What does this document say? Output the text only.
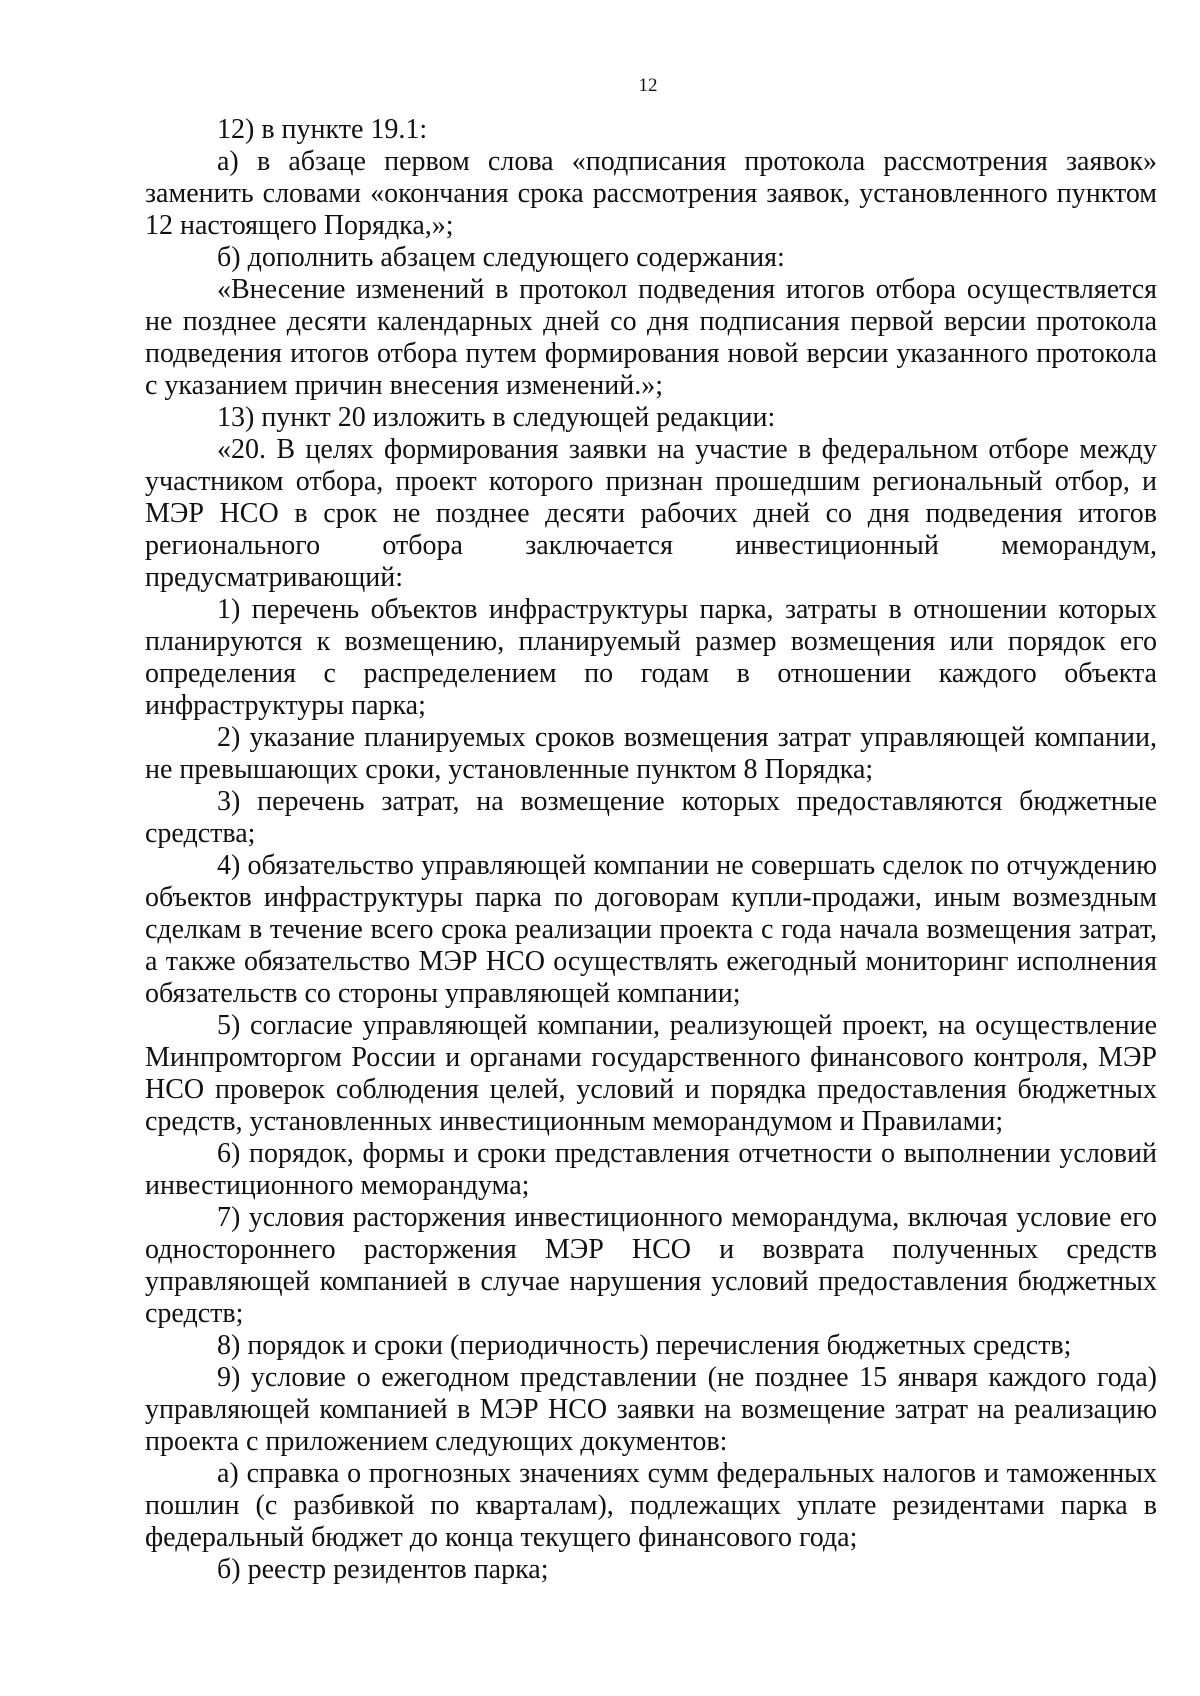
12

12) в пункте 19.1:

а) в абзаце первом слова «подписания протокола рассмотрения заявок» заменить словами «окончания срока рассмотрения заявок, установленного пунктом 12 настоящего Порядка,»;

б) дополнить абзацем следующего содержания:

«Внесение изменений в протокол подведения итогов отбора осуществляется не позднее десяти календарных дней со дня подписания первой версии протокола подведения итогов отбора путем формирования новой версии указанного протокола с указанием причин внесения изменений.»;

13) пункт 20 изложить в следующей редакции:

«20. В целях формирования заявки на участие в федеральном отборе между участником отбора, проект которого признан прошедшим региональный отбор, и МЭР НСО в срок не позднее десяти рабочих дней со дня подведения итогов регионального отбора заключается инвестиционный меморандум, предусматривающий:

1) перечень объектов инфраструктуры парка, затраты в отношении которых планируются к возмещению, планируемый размер возмещения или порядок его определения с распределением по годам в отношении каждого объекта инфраструктуры парка;

2) указание планируемых сроков возмещения затрат управляющей компании, не превышающих сроки, установленные пунктом 8 Порядка;

3) перечень затрат, на возмещение которых предоставляются бюджетные средства;

4) обязательство управляющей компании не совершать сделок по отчуждению объектов инфраструктуры парка по договорам купли-продажи, иным возмездным сделкам в течение всего срока реализации проекта с года начала возмещения затрат, а также обязательство МЭР НСО осуществлять ежегодный мониторинг исполнения обязательств со стороны управляющей компании;

5) согласие управляющей компании, реализующей проект, на осуществление Минпромторгом России и органами государственного финансового контроля, МЭР НСО проверок соблюдения целей, условий и порядка предоставления бюджетных средств, установленных инвестиционным меморандумом и Правилами;

6) порядок, формы и сроки представления отчетности о выполнении условий инвестиционного меморандума;

7) условия расторжения инвестиционного меморандума, включая условие его одностороннего расторжения МЭР НСО и возврата полученных средств управляющей компанией в случае нарушения условий предоставления бюджетных средств;

8) порядок и сроки (периодичность) перечисления бюджетных средств;

9) условие о ежегодном представлении (не позднее 15 января каждого года) управляющей компанией в МЭР НСО заявки на возмещение затрат на реализацию проекта с приложением следующих документов:

а) справка о прогнозных значениях сумм федеральных налогов и таможенных пошлин (с разбивкой по кварталам), подлежащих уплате резидентами парка в федеральный бюджет до конца текущего финансового года;

б) реестр резидентов парка;
